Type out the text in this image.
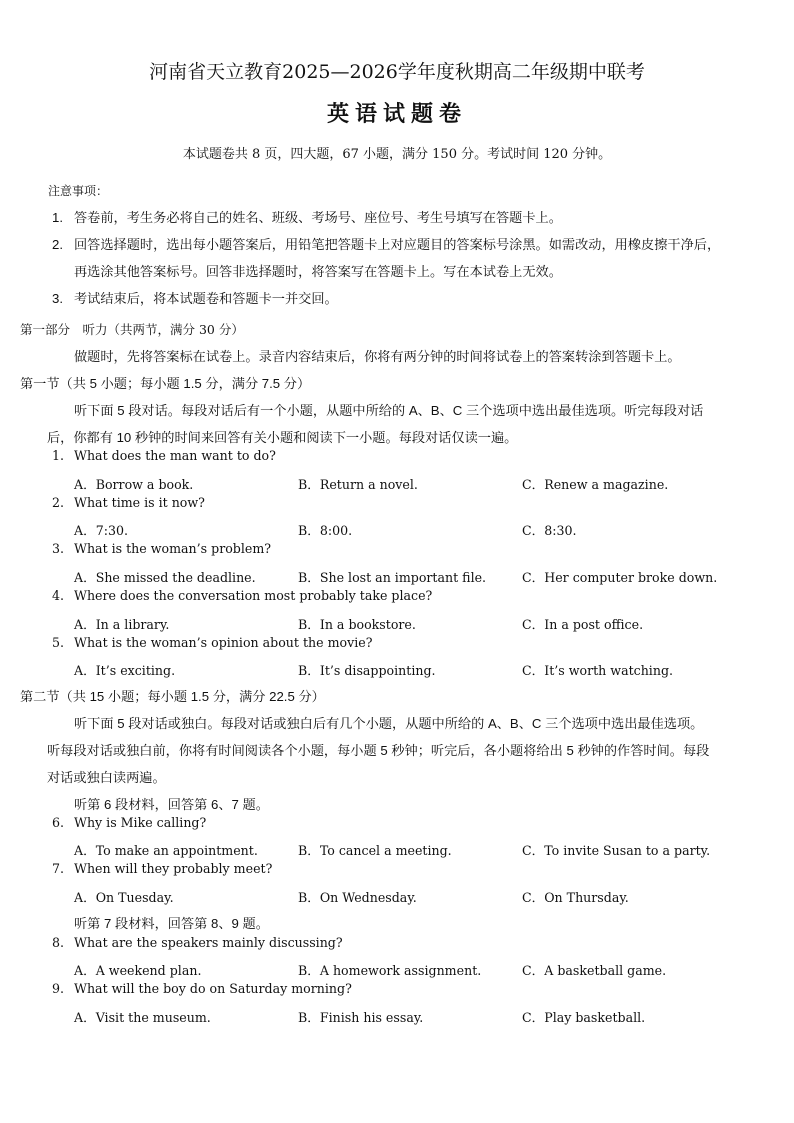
河南省天立教育2025—2026学年度秋期高二年级期中联考
英语试题卷
本试题卷共 8 页，四大题，67 小题，满分 150 分。考试时间 120 分钟。
注意事项：
1. 答卷前，考生务必将自己的姓名、班级、考场号、座位号、考生号填写在答题卡上。
2. 回答选择题时，选出每小题答案后，用铅笔把答题卡上对应题目的答案标号涂黑。如需改动，用橡皮擦干净后，
再选涂其他答案标号。回答非选择题时，将答案写在答题卡上。写在本试卷上无效。
3. 考试结束后，将本试题卷和答题卡一并交回。
第一部分　听力（共两节，满分 30 分）
做题时，先将答案标在试卷上。录音内容结束后，你将有两分钟的时间将试卷上的答案转涂到答题卡上。
第一节（共 5 小题；每小题 1.5 分，满分 7.5 分）
听下面 5 段对话。每段对话后有一个小题，从题中所给的 A、B、C 三个选项中选出最佳选项。听完每段对话
后，你都有 10 秒钟的时间来回答有关小题和阅读下一小题。每段对话仅读一遍。
1. What does the man want to do?
A．Borrow a book.	B．Return a novel.	C．Renew a magazine.
2. What time is it now?
A．7:30.	B．8:00.	C．8:30.
3. What is the woman’s problem?
A．She missed the deadline.	B．She lost an important file.	C．Her computer broke down.
4. Where does the conversation most probably take place?
A．In a library.	B．In a bookstore.	C．In a post office.
5. What is the woman’s opinion about the movie?
A．It’s exciting.	B．It’s disappointing.	C．It’s worth watching.
第二节（共 15 小题；每小题 1.5 分，满分 22.5 分）
听下面 5 段对话或独白。每段对话或独白后有几个小题，从题中所给的 A、B、C 三个选项中选出最佳选项。
听每段对话或独白前，你将有时间阅读各个小题，每小题 5 秒钟；听完后，各小题将给出 5 秒钟的作答时间。每段
对话或独白读两遍。
听第 6 段材料，回答第 6、7 题。
6. Why is Mike calling?
A．To make an appointment.	B．To cancel a meeting.	C．To invite Susan to a party.
7. When will they probably meet?
A．On Tuesday.	B．On Wednesday.	C．On Thursday.
听第 7 段材料，回答第 8、9 题。
8. What are the speakers mainly discussing?
A．A weekend plan.	B．A homework assignment.	C．A basketball game.
9. What will the boy do on Saturday morning?
A．Visit the museum.	B．Finish his essay.	C．Play basketball.
